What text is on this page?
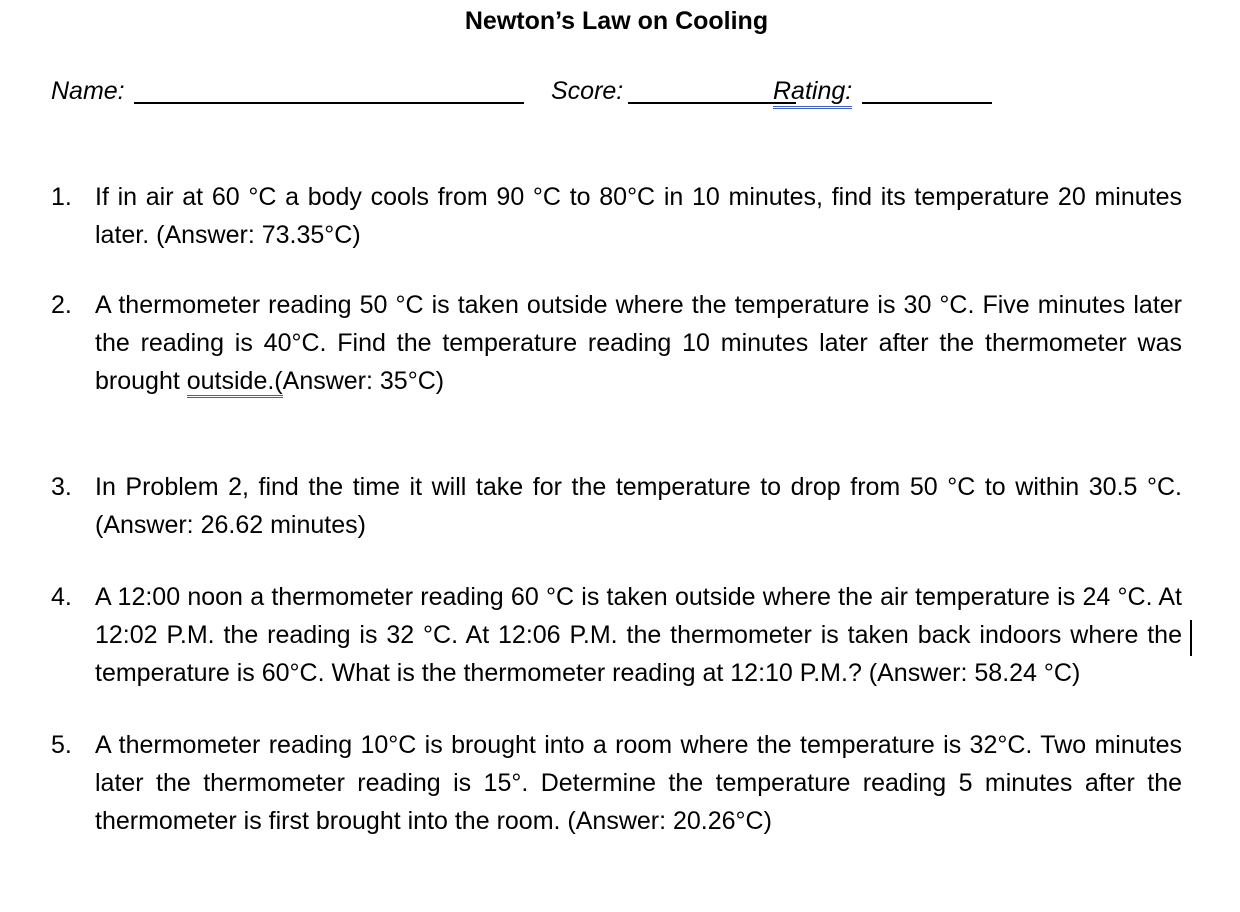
Newton’s Law on Cooling
Name:	Score:	Rating:
1. If in air at 60 °C a body cools from 90 °C to 80°C in 10 minutes, find its temperature 20 minutes later. (Answer: 73.35°C)
2. A thermometer reading 50 °C is taken outside where the temperature is 30 °C. Five minutes later the reading is 40°C. Find the temperature reading 10 minutes later after the thermometer was brought outside.(Answer: 35°C)
3. In Problem 2, find the time it will take for the temperature to drop from 50 °C to within 30.5 °C. (Answer: 26.62 minutes)
4. A 12:00 noon a thermometer reading 60 °C is taken outside where the air temperature is 24 °C. At 12:02 P.M. the reading is 32 °C. At 12:06 P.M. the thermometer is taken back indoors where the temperature is 60°C. What is the thermometer reading at 12:10 P.M.? (Answer: 58.24 °C)
5. A thermometer reading 10°C is brought into a room where the temperature is 32°C. Two minutes later the thermometer reading is 15°. Determine the temperature reading 5 minutes after the thermometer is first brought into the room. (Answer: 20.26°C)
